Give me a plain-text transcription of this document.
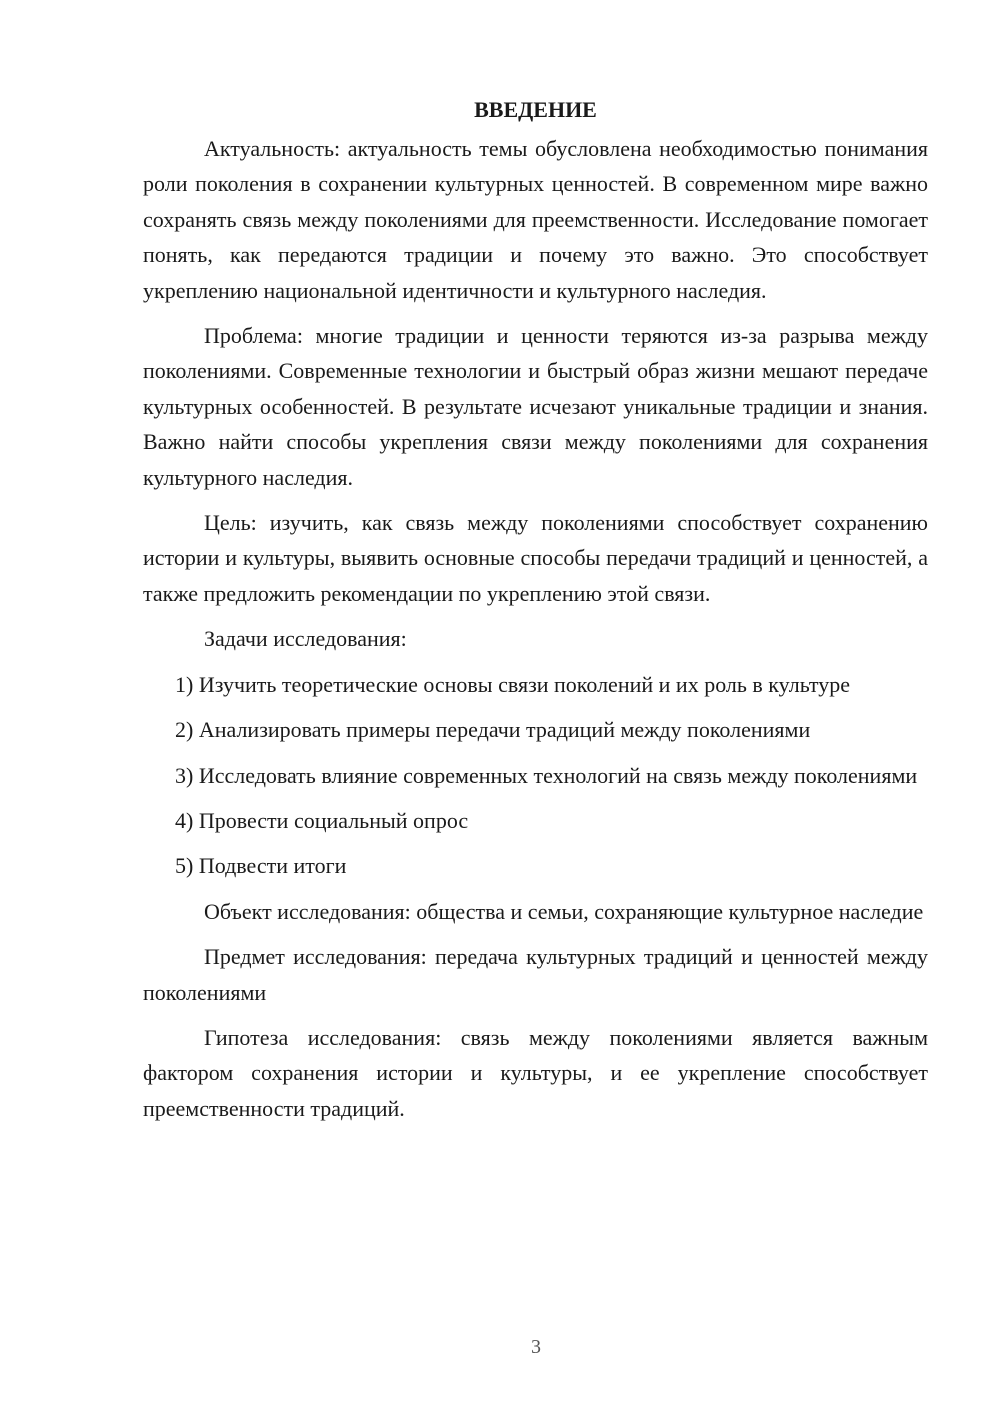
ВВЕДЕНИЕ

Актуальность: актуальность темы обусловлена необходимостью понимания роли поколения в сохранении культурных ценностей. В современном мире важно сохранять связь между поколениями для преемственности. Исследование помогает понять, как передаются традиции и почему это важно. Это способствует укреплению национальной идентичности и культурного наследия.

Проблема: многие традиции и ценности теряются из-за разрыва между поколениями. Современные технологии и быстрый образ жизни мешают передаче культурных особенностей. В результате исчезают уникальные традиции и знания. Важно найти способы укрепления связи между поколениями для сохранения культурного наследия.

Цель: изучить, как связь между поколениями способствует сохранению истории и культуры, выявить основные способы передачи традиций и ценностей, а также предложить рекомендации по укреплению этой связи.

Задачи исследования:

1) Изучить теоретические основы связи поколений и их роль в культуре

2) Анализировать примеры передачи традиций между поколениями

3) Исследовать влияние современных технологий на связь между поколениями

4) Провести социальный опрос

5) Подвести итоги

Объект исследования: общества и семьи, сохраняющие культурное наследие

Предмет исследования: передача культурных традиций и ценностей между поколениями

Гипотеза исследования: связь между поколениями является важным фактором сохранения истории и культуры, и ее укрепление способствует преемственности традиций.

3
